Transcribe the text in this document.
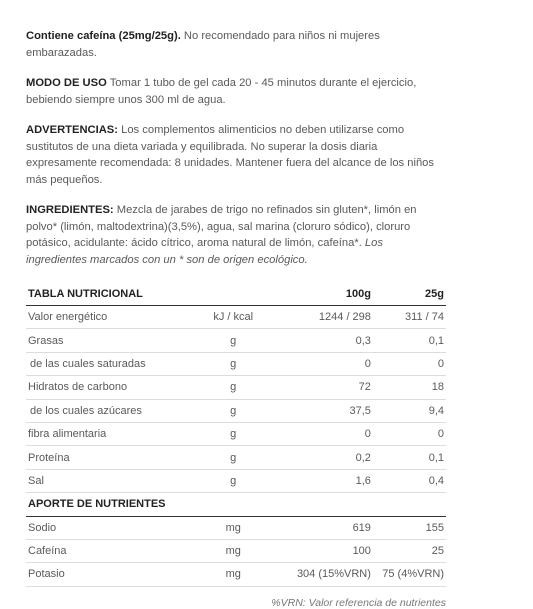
Contiene cafeína (25mg/25g). No recomendado para niños ni mujeres embarazadas.

MODO DE USO Tomar 1 tubo de gel cada 20 - 45 minutos durante el ejercicio, bebiendo siempre unos 300 ml de agua.

ADVERTENCIAS: Los complementos alimenticios no deben utilizarse como sustitutos de una dieta variada y equilibrada. No superar la dosis diaria expresamente recomendada: 8 unidades. Mantener fuera del alcance de los niños más pequeños.

INGREDIENTES: Mezcla de jarabes de trigo no refinados sin gluten*, limón en polvo* (limón, maltodextrina)(3,5%), agua, sal marina (cloruro sódico), cloruro potásico, acidulante: ácido cítrico, aroma natural de limón, cafeína*. Los ingredientes marcados con un * son de origen ecológico.

TABLA NUTRICIONAL		100g	25g
Valor energético	kJ / kcal	1244 / 298	311 / 74
Grasas	g	0,3	0,1
de las cuales saturadas	g	0	0
Hidratos de carbono	g	72	18
de los cuales azúcares	g	37,5	9,4
fibra alimentaria	g	0	0
Proteína	g	0,2	0,1
Sal	g	1,6	0,4
APORTE DE NUTRIENTES			
Sodio	mg	619	155
Cafeína	mg	100	25
Potasio	mg	304 (15%VRN)	75 (4%VRN)
%VRN: Valor referencia de nutrientes
